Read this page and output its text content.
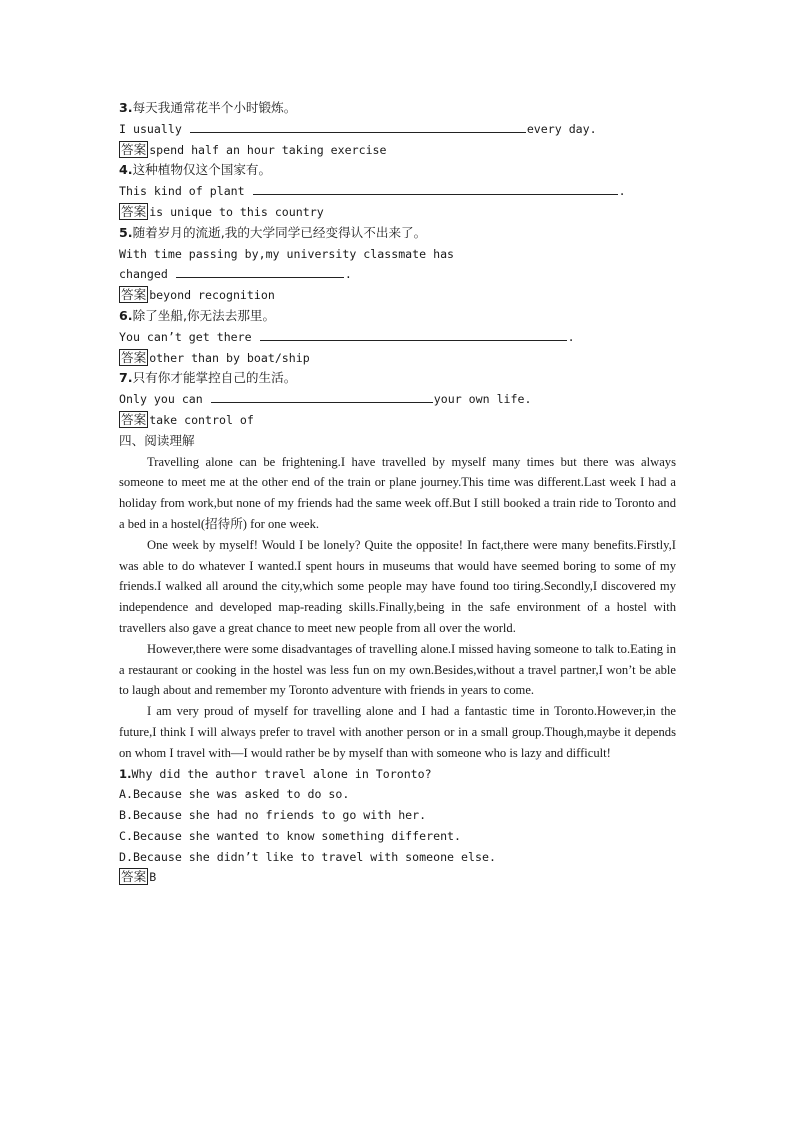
3.每天我通常花半个小时锻炼。
I usually	every day.
答案 spend half an hour taking exercise
4.这种植物仅这个国家有。
This kind of plant	.
答案 is unique to this country
5.随着岁月的流逝,我的大学同学已经变得认不出来了。
With time passing by,my university classmate has
changed	.
答案 beyond recognition
6.除了坐船,你无法去那里。
You can’t get there	.
答案 other than by boat/ship
7.只有你才能掌控自己的生活。
Only you can	your own life.
答案 take control of
四、阅读理解

Travelling alone can be frightening.I have travelled by myself many times but there was always someone to meet me at the other end of the train or plane journey.This time was different.Last week I had a holiday from work,but none of my friends had the same week off.But I still booked a train ride to Toronto and a bed in a hostel(招待所) for one week.

One week by myself! Would I be lonely? Quite the opposite! In fact,there were many benefits.Firstly,I was able to do whatever I wanted.I spent hours in museums that would have seemed boring to some of my friends.I walked all around the city,which some people may have found too tiring.Secondly,I discovered my independence and developed map-reading skills.Finally,being in the safe environment of a hostel with travellers also gave a great chance to meet new people from all over the world.

However,there were some disadvantages of travelling alone.I missed having someone to talk to.Eating in a restaurant or cooking in the hostel was less fun on my own.Besides,without a travel partner,I won’t be able to laugh about and remember my Toronto adventure with friends in years to come.

I am very proud of myself for travelling alone and I had a fantastic time in Toronto.However,in the future,I think I will always prefer to travel with another person or in a small group.Though,maybe it depends on whom I travel with—I would rather be by myself than with someone who is lazy and difficult!

1.Why did the author travel alone in Toronto?
A.Because she was asked to do so.
B.Because she had no friends to go with her.
C.Because she wanted to know something different.
D.Because she didn’t like to travel with someone else.
答案 B
